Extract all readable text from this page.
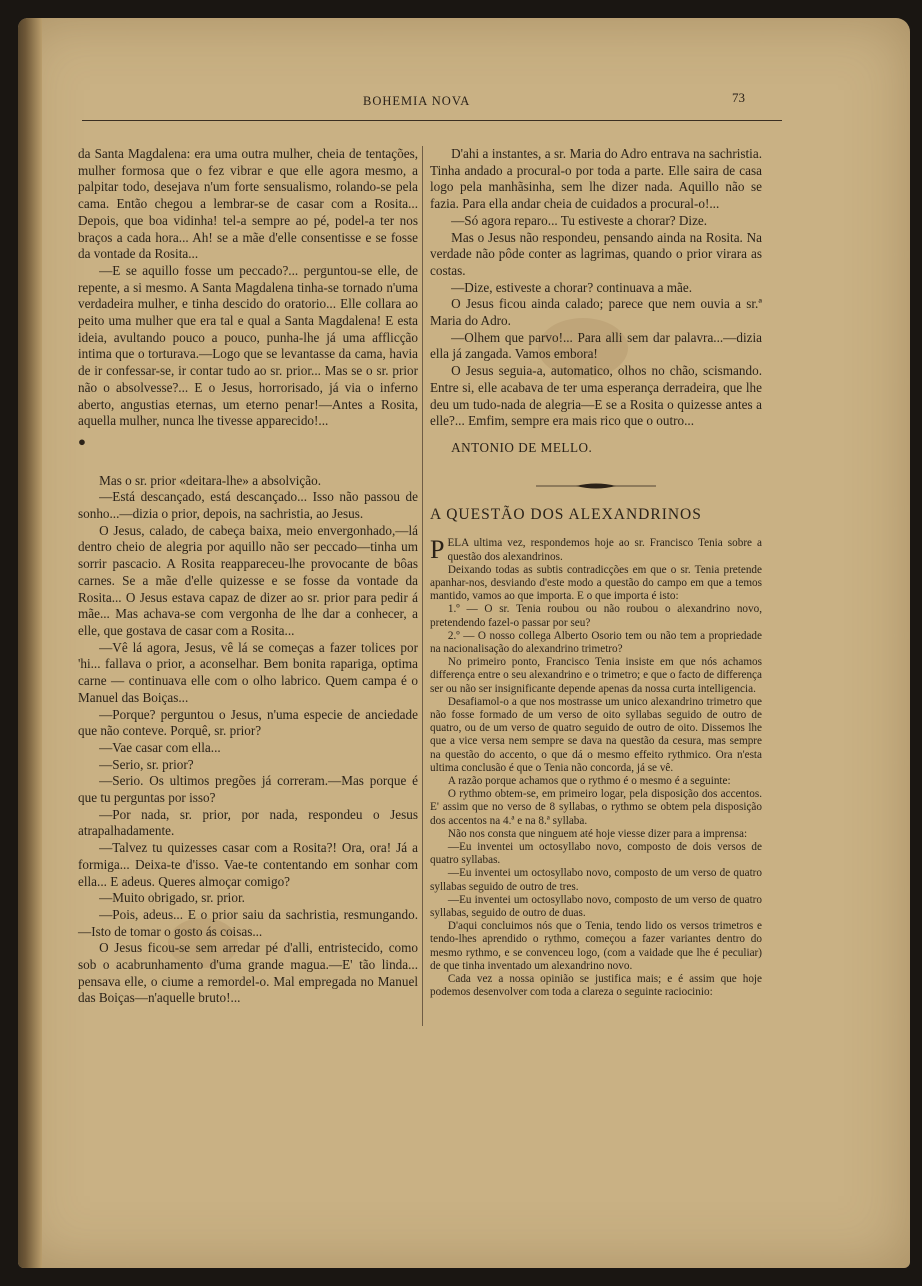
BOHEMIA NOVA	73

da Santa Magdalena: era uma outra mulher, cheia de tentações, mulher formosa que o fez vibrar e que elle agora mesmo, a palpitar todo, desejava n'um forte sensualismo, rolando-se pela cama. Então chegou a lembrar-se de casar com a Rosita... Depois, que boa vidinha! tel-a sempre ao pé, podel-a ter nos braços a cada hora... Ah! se a mãe d'elle consentisse e se fosse da vontade da Rosita...

—E se aquillo fosse um peccado?... perguntou-se elle, de repente, a si mesmo. A Santa Magdalena tinha-se tornado n'uma verdadeira mulher, e tinha descido do oratorio... Elle collara ao peito uma mulher que era tal e qual a Santa Magdalena! E esta ideia, avultando pouco a pouco, punha-lhe já uma afflicção intima que o torturava.—Logo que se levantasse da cama, havia de ir confessar-se, ir contar tudo ao sr. prior... Mas se o sr. prior não o absolvesse?... E o Jesus, horrorisado, já via o inferno aberto, angustias eternas, um eterno penar!—Antes a Rosita, aquella mulher, nunca lhe tivesse apparecido!...

●

Mas o sr. prior «deitara-lhe» a absolvição.

—Está descançado, está descançado... Isso não passou de sonho...—dizia o prior, depois, na sachristia, ao Jesus.

O Jesus, calado, de cabeça baixa, meio envergonhado,—lá dentro cheio de alegria por aquillo não ser peccado—tinha um sorrir pascacio. A Rosita reappareceu-lhe provocante de bôas carnes. Se a mãe d'elle quizesse e se fosse da vontade da Rosita... O Jesus estava capaz de dizer ao sr. prior para pedir á mãe... Mas achava-se com vergonha de lhe dar a conhecer, a elle, que gostava de casar com a Rosita...

—Vê lá agora, Jesus, vê lá se começas a fazer tolices por 'hi... fallava o prior, a aconselhar. Bem bonita rapariga, optima carne — continuava elle com o olho labrico. Quem campa é o Manuel das Boiças...

—Porque? perguntou o Jesus, n'uma especie de anciedade que não conteve. Porquê, sr. prior?

—Vae casar com ella...

—Serio, sr. prior?

—Serio. Os ultimos pregões já correram.—Mas porque é que tu perguntas por isso?

—Por nada, sr. prior, por nada, respondeu o Jesus atrapalhadamente.

—Talvez tu quizesses casar com a Rosita?! Ora, ora! Já a formiga... Deixa-te d'isso. Vae-te contentando em sonhar com ella... E adeus. Queres almoçar comigo?

—Muito obrigado, sr. prior.

—Pois, adeus... E o prior saiu da sachristia, resmungando.—Isto de tomar o gosto ás coisas...

O Jesus ficou-se sem arredar pé d'alli, entristecido, como sob o acabrunhamento d'uma grande magua.—E' tão linda... pensava elle, o ciume a remordel-o. Mal empregada no Manuel das Boiças—n'aquelle bruto!...

D'ahi a instantes, a sr. Maria do Adro entrava na sachristia. Tinha andado a procural-o por toda a parte. Elle saira de casa logo pela manhãsinha, sem lhe dizer nada. Aquillo não se fazia. Para ella andar cheia de cuidados a procural-o!...

—Só agora reparo... Tu estiveste a chorar? Dize.

Mas o Jesus não respondeu, pensando ainda na Rosita. Na verdade não pôde conter as lagrimas, quando o prior virara as costas.

—Dize, estiveste a chorar? continuava a mãe.

O Jesus ficou ainda calado; parece que nem ouvia a sr.ª Maria do Adro.

—Olhem que parvo!... Para alli sem dar palavra...—dizia ella já zangada. Vamos embora!

O Jesus seguia-a, automatico, olhos no chão, scismando. Entre si, elle acabava de ter uma esperança derradeira, que lhe deu um tudo-nada de alegria—E se a Rosita o quizesse antes a elle?... Emfim, sempre era mais rico que o outro...

ANTONIO DE MELLO.

A QUESTÃO DOS ALEXANDRINOS

PELA ultima vez, respondemos hoje ao sr. Francisco Tenia sobre a questão dos alexandrinos.

Deixando todas as subtis contradicções em que o sr. Tenia pretende apanhar-nos, desviando d'este modo a questão do campo em que a temos mantido, vamos ao que importa. E o que importa é isto:

1.º — O sr. Tenia roubou ou não roubou o alexandrino novo, pretendendo fazel-o passar por seu?

2.º — O nosso collega Alberto Osorio tem ou não tem a propriedade na nacionalisação do alexandrino trimetro?

No primeiro ponto, Francisco Tenia insiste em que nós achamos differença entre o seu alexandrino e o trimetro; e que o facto de differença ser ou não ser insignificante depende apenas da nossa curta intelligencia.

Desafiamol-o a que nos mostrasse um unico alexandrino trimetro que não fosse formado de um verso de oito syllabas seguido de outro de quatro, ou de um verso de quatro seguido de outro de oito. Dissemos lhe que a vice versa nem sempre se dava na questão da cesura, mas sempre na questão do accento, o que dá o mesmo effeito rythmico. Ora n'esta ultima conclusão é que o Tenia não concorda, já se vê.

A razão porque achamos que o rythmo é o mesmo é a seguinte:

O rythmo obtem-se, em primeiro logar, pela disposição dos accentos. E' assim que no verso de 8 syllabas, o rythmo se obtem pela disposição dos accentos na 4.ª e na 8.ª syllaba.

Não nos consta que ninguem até hoje viesse dizer para a imprensa:

—Eu inventei um octosyllabo novo, composto de dois versos de quatro syllabas.

—Eu inventei um octosyllabo novo, composto de um verso de quatro syllabas seguido de outro de tres.

—Eu inventei um octosyllabo novo, composto de um verso de quatro syllabas, seguido de outro de duas.

D'aqui concluimos nós que o Tenia, tendo lido os versos trimetros e tendo-lhes aprendido o rythmo, começou a fazer variantes dentro do mesmo rythmo, e se convenceu logo, (com a vaidade que lhe é peculiar) de que tinha inventado um alexandrino novo.

Cada vez a nossa opinião se justifica mais; e é assim que hoje podemos desenvolver com toda a clareza o seguinte raciocinio:
